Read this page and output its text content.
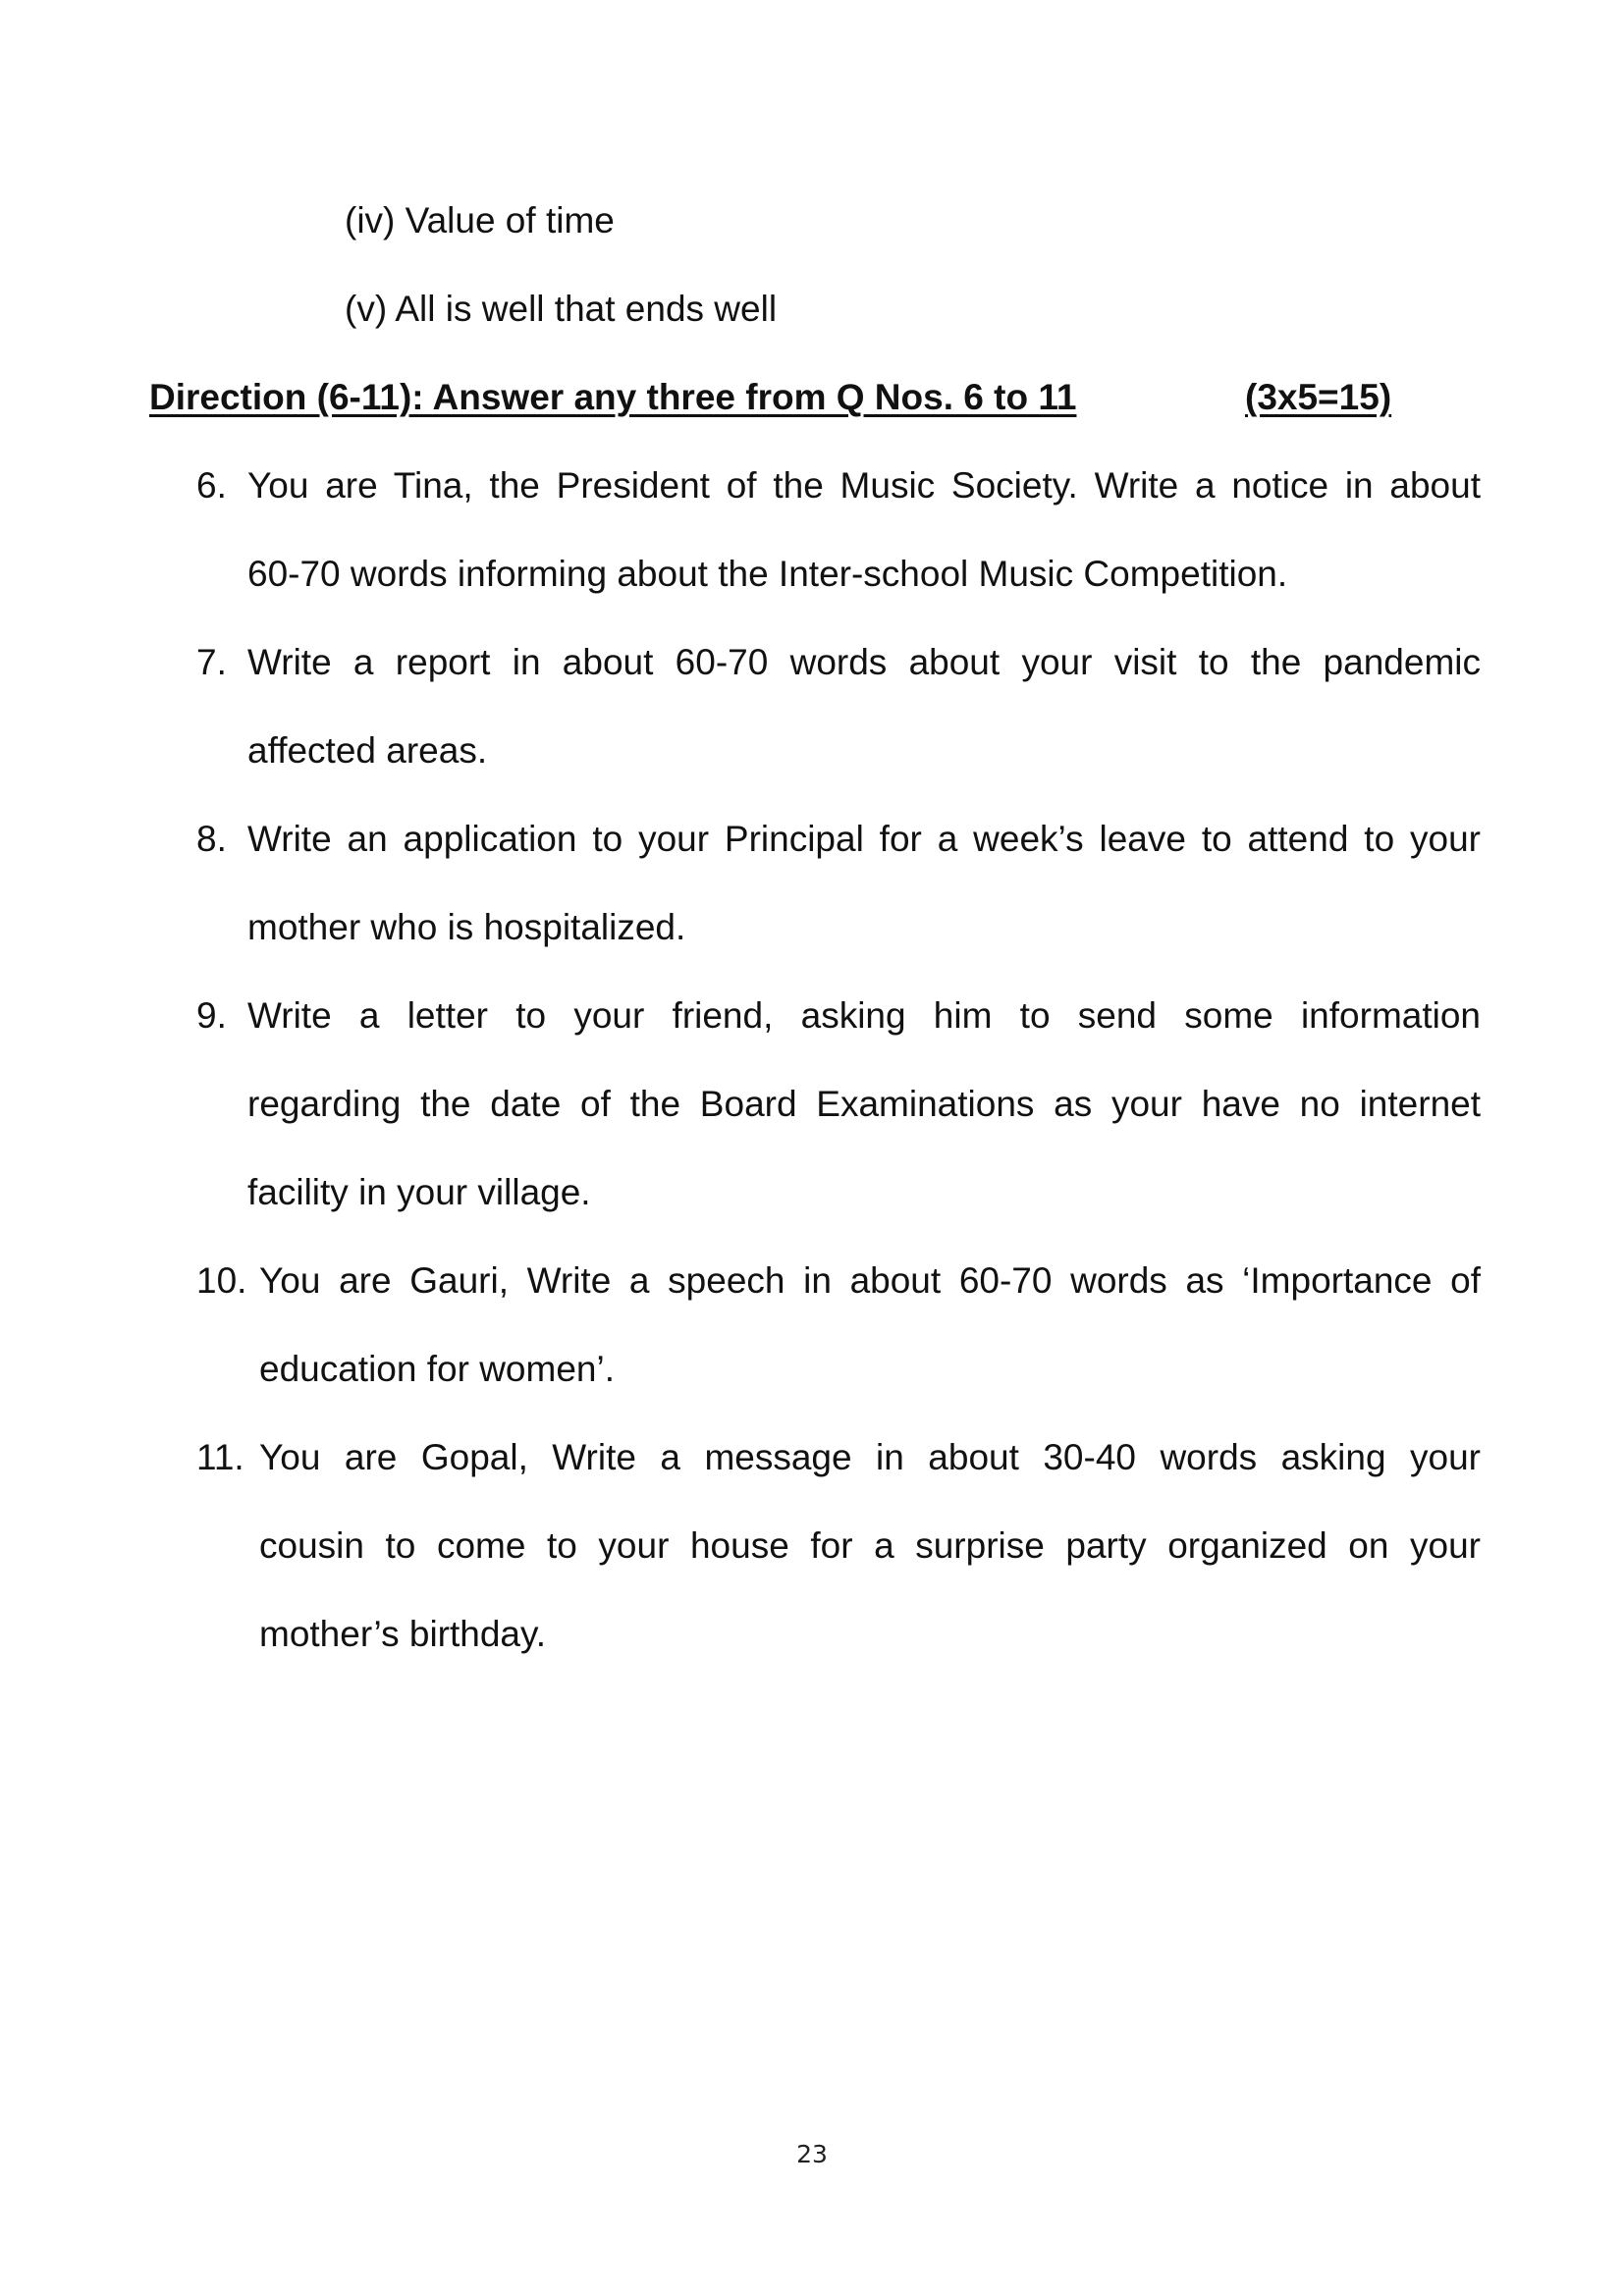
(iv) Value of time
(v) All is well that ends well
Direction (6-11): Answer any three from Q Nos. 6 to 11	(3x5=15)
6. You are Tina, the President of the Music Society. Write a notice in about
60-70 words informing about the Inter-school Music Competition.
7. Write a report in about 60-70 words about your visit to the pandemic
affected areas.
8. Write an application to your Principal for a week’s leave to attend to your
mother who is hospitalized.
9. Write a letter to your friend, asking him to send some information
regarding the date of the Board Examinations as your have no internet
facility in your village.
10. You are Gauri, Write a speech in about 60-70 words as ‘Importance of
education for women’.
11. You are Gopal, Write a message in about 30-40 words asking your
cousin to come to your house for a surprise party organized on your
mother’s birthday.
23
